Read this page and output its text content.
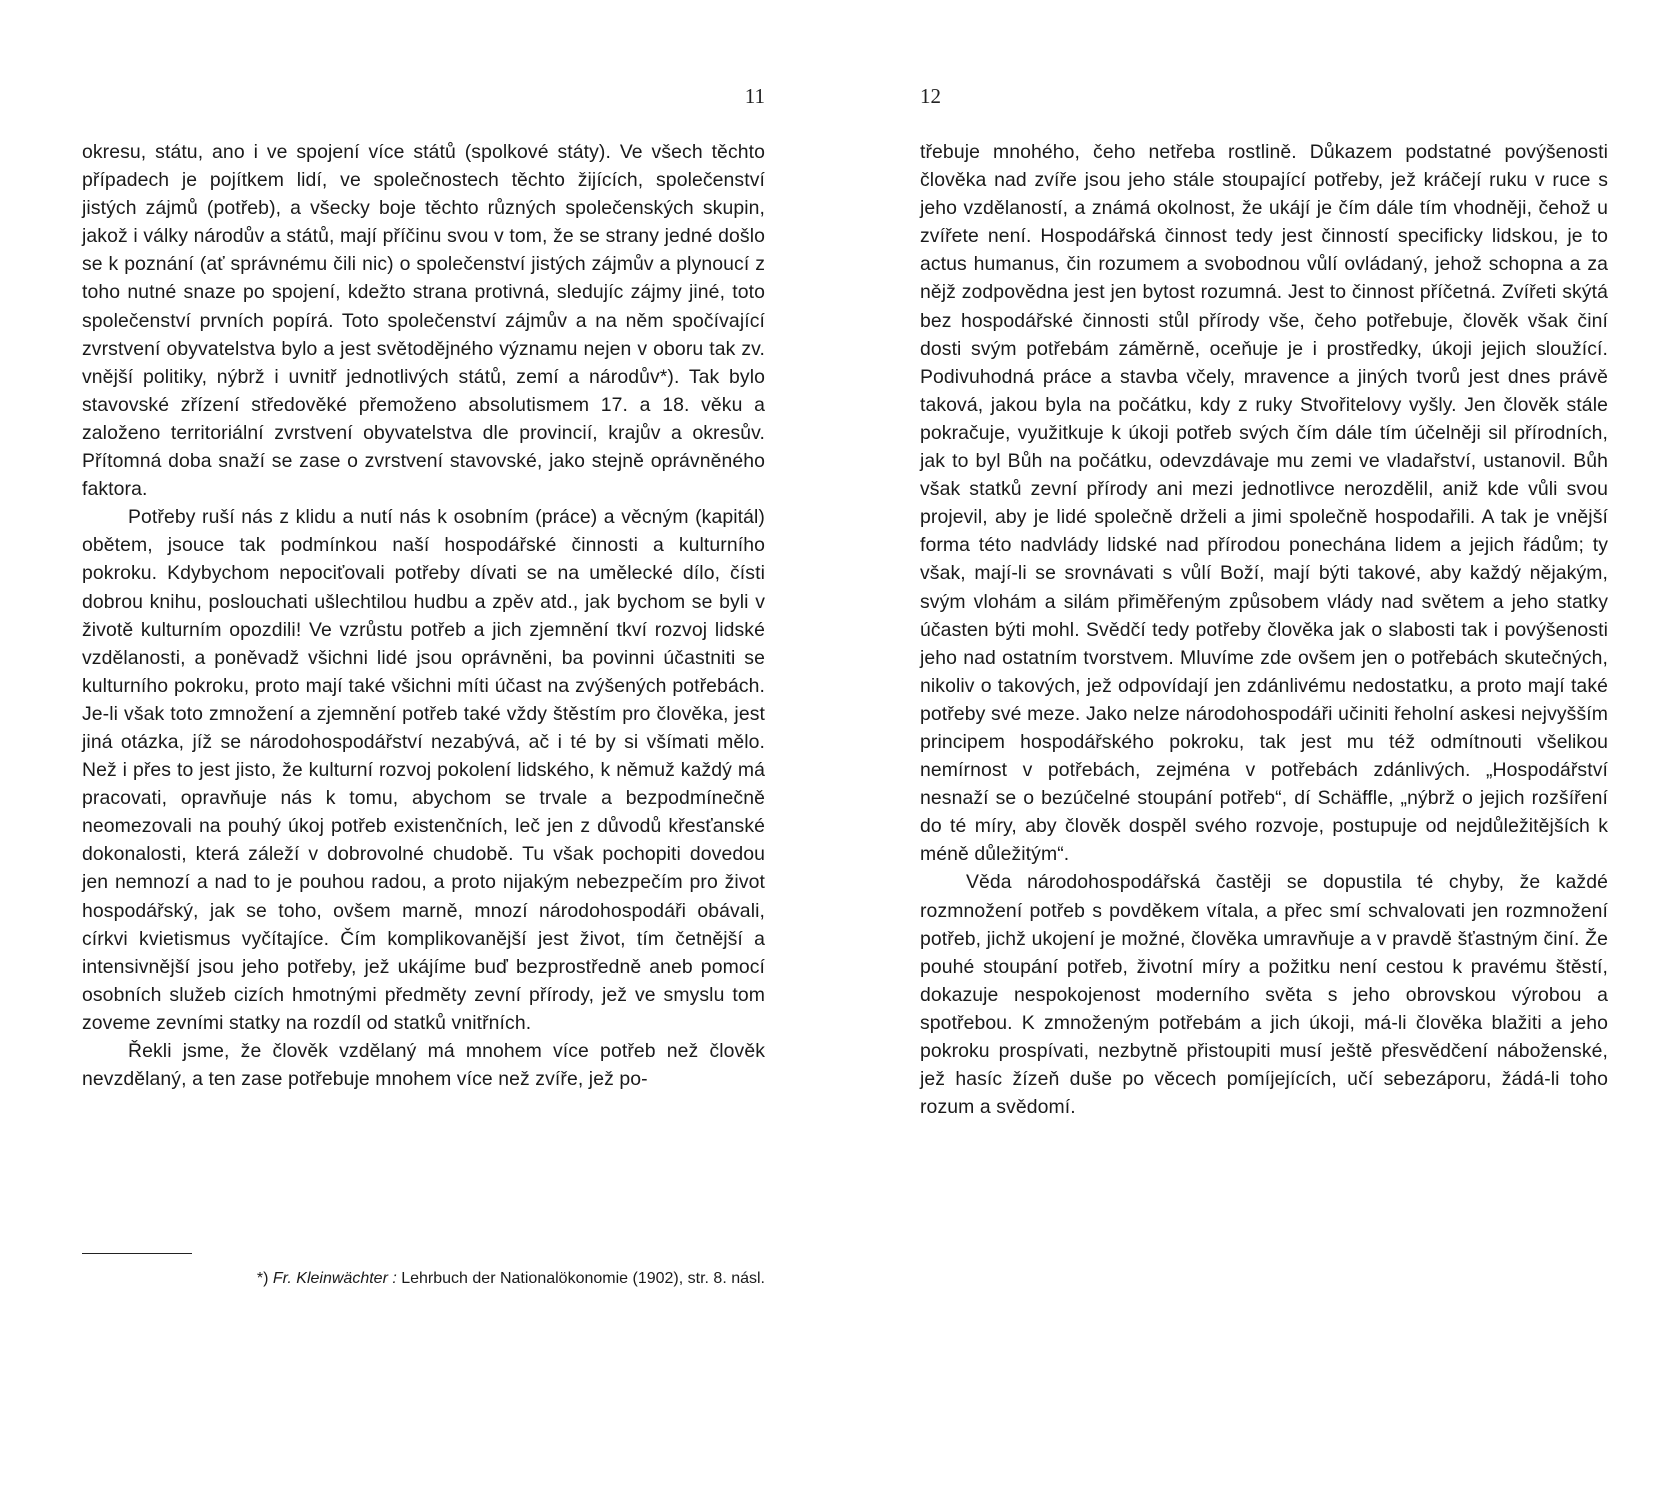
11

okresu, státu, ano i ve spojení více států (spolkové státy). Ve všech těchto případech je pojítkem lidí, ve společnostech těchto žijících, společenství jistých zájmů (potřeb), a všecky boje těchto různých společenských skupin, jakož i války národův a států, mají příčinu svou v tom, že se strany jedné došlo se k poznání (ať správnému čili nic) o společenství jistých zájmův a plynoucí z toho nutné snaze po spojení, kdežto strana protivná, sledujíc zájmy jiné, toto společenství prvních popírá. Toto společenství zájmův a na něm spočívající zvrstvení obyvatelstva bylo a jest světodějného významu nejen v oboru tak zv. vnější politiky, nýbrž i uvnitř jednotlivých států, zemí a národův*). Tak bylo stavovské zřízení středověké přemoženo absolutismem 17. a 18. věku a založeno territoriální zvrstvení obyvatelstva dle provincií, krajův a okresův. Přítomná doba snaží se zase o zvrstvení stavovské, jako stejně oprávněného faktora.

Potřeby ruší nás z klidu a nutí nás k osobním (práce) a věcným (kapitál) obětem, jsouce tak podmínkou naší hospodářské činnosti a kulturního pokroku. Kdybychom nepociťovali potřeby dívati se na umělecké dílo, čísti dobrou knihu, poslouchati ušlechtilou hudbu a zpěv atd., jak bychom se byli v životě kulturním opozdili! Ve vzrůstu potřeb a jich zjemnění tkví rozvoj lidské vzdělanosti, a poněvadž všichni lidé jsou oprávněni, ba povinni účastniti se kulturního pokroku, proto mají také všichni míti účast na zvýšených potřebách. Je-li však toto zmnožení a zjemnění potřeb také vždy štěstím pro člověka, jest jiná otázka, jíž se národohospodářství nezabývá, ač i té by si všímati mělo. Než i přes to jest jisto, že kulturní rozvoj pokolení lidského, k němuž každý má pracovati, opravňuje nás k tomu, abychom se trvale a bezpodmínečně neomezovali na pouhý úkoj potřeb existenčních, leč jen z důvodů křesťanské dokonalosti, která záleží v dobrovolné chudobě. Tu však pochopiti dovedou jen nemnozí a nad to je pouhou radou, a proto nijakým nebezpečím pro život hospodářský, jak se toho, ovšem marně, mnozí národohospodáři obávali, církvi kvietismus vyčítajíce. Čím komplikovanější jest život, tím četnější a intensivnější jsou jeho potřeby, jež ukájíme buď bezprostředně aneb pomocí osobních služeb cizích hmotnými předměty zevní přírody, jež ve smyslu tom zoveme zevními statky na rozdíl od statků vnitřních.

Řekli jsme, že člověk vzdělaný má mnohem více potřeb než člověk nevzdělaný, a ten zase potřebuje mnohem více než zvíře, jež po-

*) Fr. Kleinwächter : Lehrbuch der Nationalökonomie (1902), str. 8. násl.
12

třebuje mnohého, čeho netřeba rostlině. Důkazem podstatné povýšenosti člověka nad zvíře jsou jeho stále stoupající potřeby, jež kráčejí ruku v ruce s jeho vzdělaností, a známá okolnost, že ukájí je čím dále tím vhodněji, čehož u zvířete není. Hospodářská činnost tedy jest činností specificky lidskou, je to actus humanus, čin rozumem a svobodnou vůlí ovládaný, jehož schopna a za nějž zodpovědna jest jen bytost rozumná. Jest to činnost příčetná. Zvířeti skýtá bez hospodářské činnosti stůl přírody vše, čeho potřebuje, člověk však činí dosti svým potřebám záměrně, oceňuje je i prostředky, úkoji jejich sloužící. Podivuhodná práce a stavba včely, mravence a jiných tvorů jest dnes právě taková, jakou byla na počátku, kdy z ruky Stvořitelovy vyšly. Jen člověk stále pokračuje, využitkuje k úkoji potřeb svých čím dále tím účelněji sil přírodních, jak to byl Bůh na počátku, odevzdávaje mu zemi ve vladařství, ustanovil. Bůh však statků zevní přírody ani mezi jednotlivce nerozdělil, aniž kde vůli svou projevil, aby je lidé společně drželi a jimi společně hospodařili. A tak je vnější forma této nadvlády lidské nad přírodou ponechána lidem a jejich řádům; ty však, mají-li se srovnávati s vůlí Boží, mají býti takové, aby každý nějakým, svým vlohám a silám přiměřeným způsobem vlády nad světem a jeho statky účasten býti mohl. Svědčí tedy potřeby člověka jak o slabosti tak i povýšenosti jeho nad ostatním tvorstvem. Mluvíme zde ovšem jen o potřebách skutečných, nikoliv o takových, jež odpovídají jen zdánlivému nedostatku, a proto mají také potřeby své meze. Jako nelze národohospodáři učiniti řeholní askesi nejvyšším principem hospodářského pokroku, tak jest mu též odmítnouti všelikou nemírnost v potřebách, zejména v potřebách zdánlivých. „Hospodářství nesnaží se o bezúčelné stoupání potřeb“, dí Schäffle, „nýbrž o jejich rozšíření do té míry, aby člověk dospěl svého rozvoje, postupuje od nejdůležitějších k méně důležitým“.

Věda národohospodářská častěji se dopustila té chyby, že každé rozmnožení potřeb s povděkem vítala, a přec smí schvalovati jen rozmnožení potřeb, jichž ukojení je možné, člověka umravňuje a v pravdě šťastným činí. Že pouhé stoupání potřeb, životní míry a požitku není cestou k pravému štěstí, dokazuje nespokojenost moderního světa s jeho obrovskou výrobou a spotřebou. K zmnoženým potřebám a jich úkoji, má-li člověka blažiti a jeho pokroku prospívati, nezbytně přistoupiti musí ještě přesvědčení náboženské, jež hasíc žízeň duše po věcech pomíjejících, učí sebezáporu, žádá-li toho rozum a svědomí.
